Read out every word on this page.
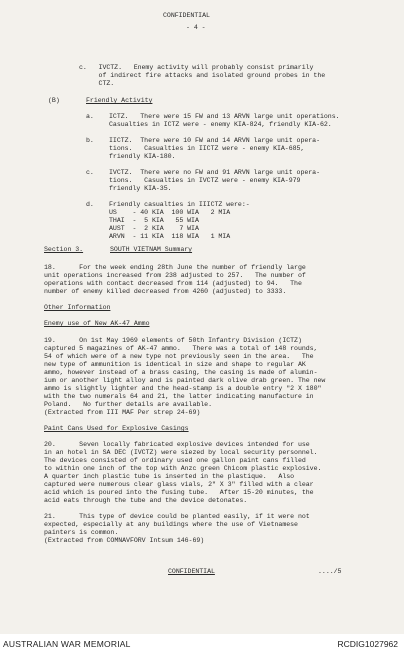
CONFIDENTIAL
- 4 -
c.   IVCTZ.   Enemy activity will probably consist primarily
of indirect fire attacks and isolated ground probes in the
CTZ.
(B)	Friendly Activity
a. ICTZ.   There were 15 FW and 13 ARVN large unit operations.
Casualties in ICTZ were - enemy KIA-824, friendly KIA-62.
b. IICTZ.  There were 10 FW and 14 ARVN large unit opera-
tions.   Casualties in IICTZ were - enemy KIA-685,
friendly KIA-180.
c. IVCTZ.  There were no FW and 91 ARVN large unit opera-
tions.   Casualties in IVCTZ were - enemy KIA-979
friendly KIA-35.
d. Friendly casualties in IIICTZ were:-
US    - 40 KIA  100 WIA   2 MIA
THAI  -  5 KIA   55 WIA
AUST  -  2 KIA    7 WIA
ARVN  - 11 KIA  118 WIA   1 MIA
Section 3.	SOUTH VIETNAM Summary
18.      For the week ending 28th June the number of friendly large
unit operations increased from 238 adjusted to 257.   The number of
operations with contact decreased from 114 (adjusted) to 94.   The
number of enemy killed decreased from 4260 (adjusted) to 3333.
Other Information
Enemy use of New AK-47 Ammo
19.      On 1st May 1969 elements of 50th Infantry Division (ICTZ)
captured 5 magazines of AK-47 ammo.   There was a total of 148 rounds,
54 of which were of a new type not previously seen in the area.   The
new type of ammunition is identical in size and shape to regular AK
ammo, however instead of a brass casing, the casing is made of alumin-
ium or another light alloy and is painted dark olive drab green. The new
ammo is slightly lighter and the head-stamp is a double entry "2 X 180"
with the two numerals 64 and 21, the latter indicating manufacture in
Poland.   No further details are available.
(Extracted from III MAF Per strep 24-69)
Paint Cans Used for Explosive Casings
20.      Seven locally fabricated explosive devices intended for use
in an hotel in SA DEC (IVCTZ) were siezed by local security personnel.
The devices consisted of ordinary used one gallon paint cans filled
to within one inch of the top with Anzc green Chicom plastic explosive.
A quarter inch plastic tube is inserted in the plastique.   Also
captured were numerous clear glass vials, 2" X 3" filled with a clear
acid which is poured into the fusing tube.   After 15-20 minutes, the
acid eats through the tube and the device detonates.
21.      This type of device could be planted easily, if it were not
expected, especially at any buildings where the use of Vietnamese
painters is common.
(Extracted from COMNAVFORV Intsum 146-69)
CONFIDENTIAL	..../5
AUSTRALIAN WAR MEMORIAL	RCDIG1027962
